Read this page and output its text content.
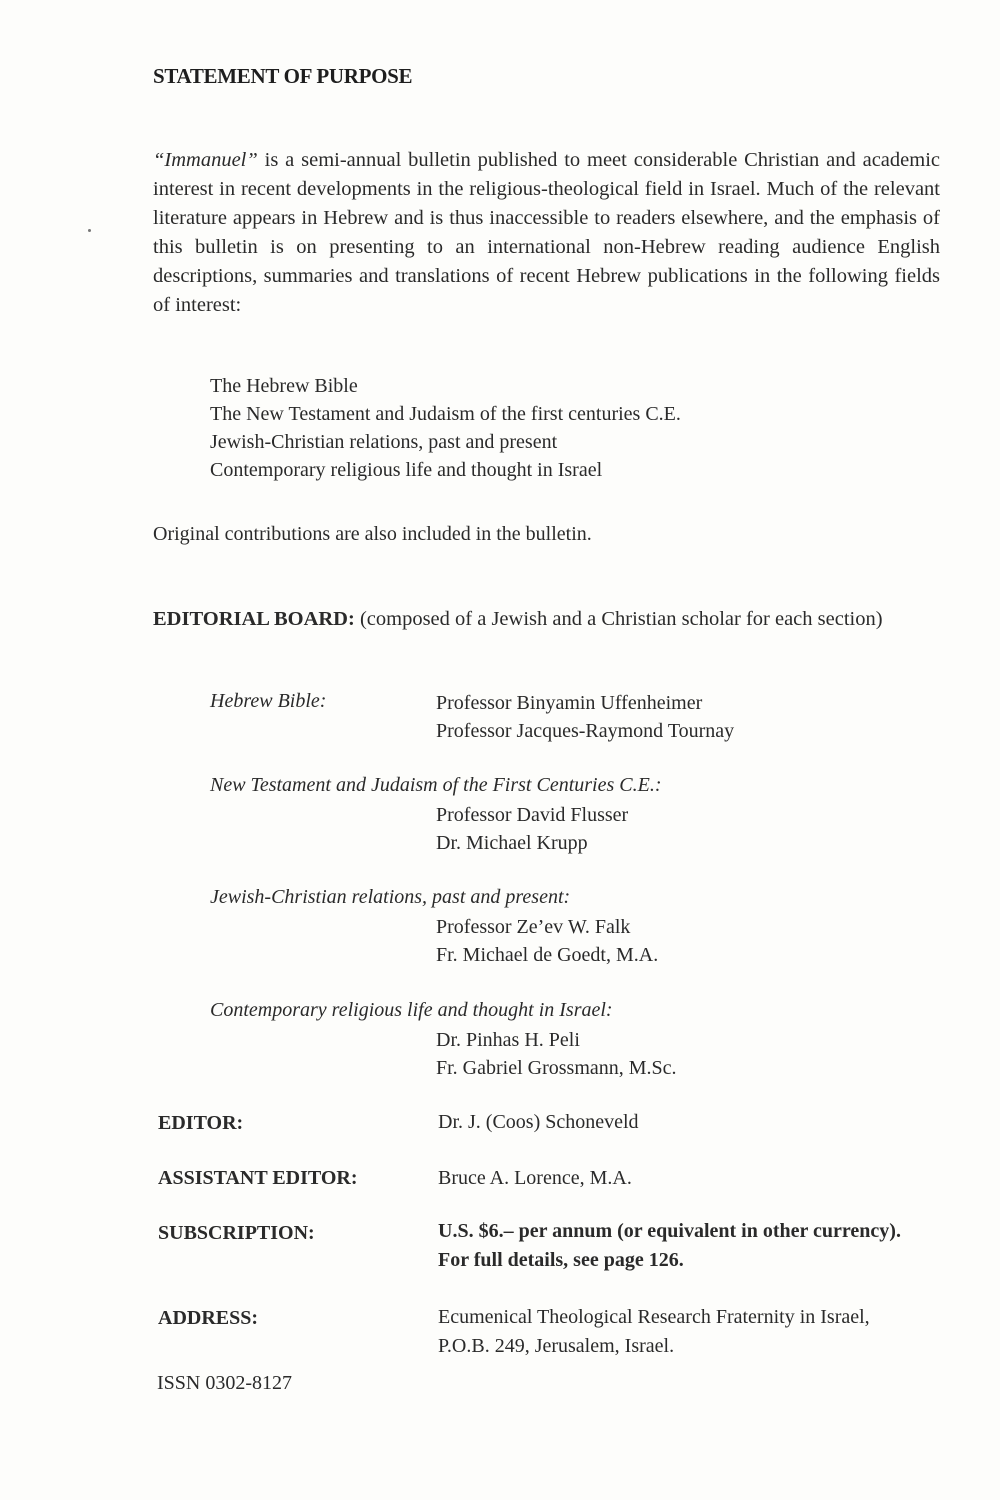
STATEMENT OF PURPOSE
“Immanuel” is a semi-annual bulletin published to meet considerable Christian and academic interest in recent developments in the religious-theological field in Israel. Much of the relevant literature appears in Hebrew and is thus inaccessible to readers elsewhere, and the emphasis of this bulletin is on presenting to an international non-Hebrew reading audience English descriptions, summaries and translations of recent Hebrew publications in the following fields of interest:
The Hebrew Bible
The New Testament and Judaism of the first centuries C.E.
Jewish-Christian relations, past and present
Contemporary religious life and thought in Israel
Original contributions are also included in the bulletin.
EDITORIAL BOARD: (composed of a Jewish and a Christian scholar for each section)
Hebrew Bible:	Professor Binyamin Uffenheimer
Professor Jacques-Raymond Tournay
New Testament and Judaism of the First Centuries C.E.:
Professor David Flusser
Dr. Michael Krupp
Jewish-Christian relations, past and present:
Professor Ze’ev W. Falk
Fr. Michael de Goedt, M.A.
Contemporary religious life and thought in Israel:
Dr. Pinhas H. Peli
Fr. Gabriel Grossmann, M.Sc.
EDITOR:	Dr. J. (Coos) Schoneveld
ASSISTANT EDITOR:	Bruce A. Lorence, M.A.
SUBSCRIPTION:	U.S. $6.– per annum (or equivalent in other currency).
For full details, see page 126.
ADDRESS:	Ecumenical Theological Research Fraternity in Israel,
P.O.B. 249, Jerusalem, Israel.
ISSN 0302-8127
